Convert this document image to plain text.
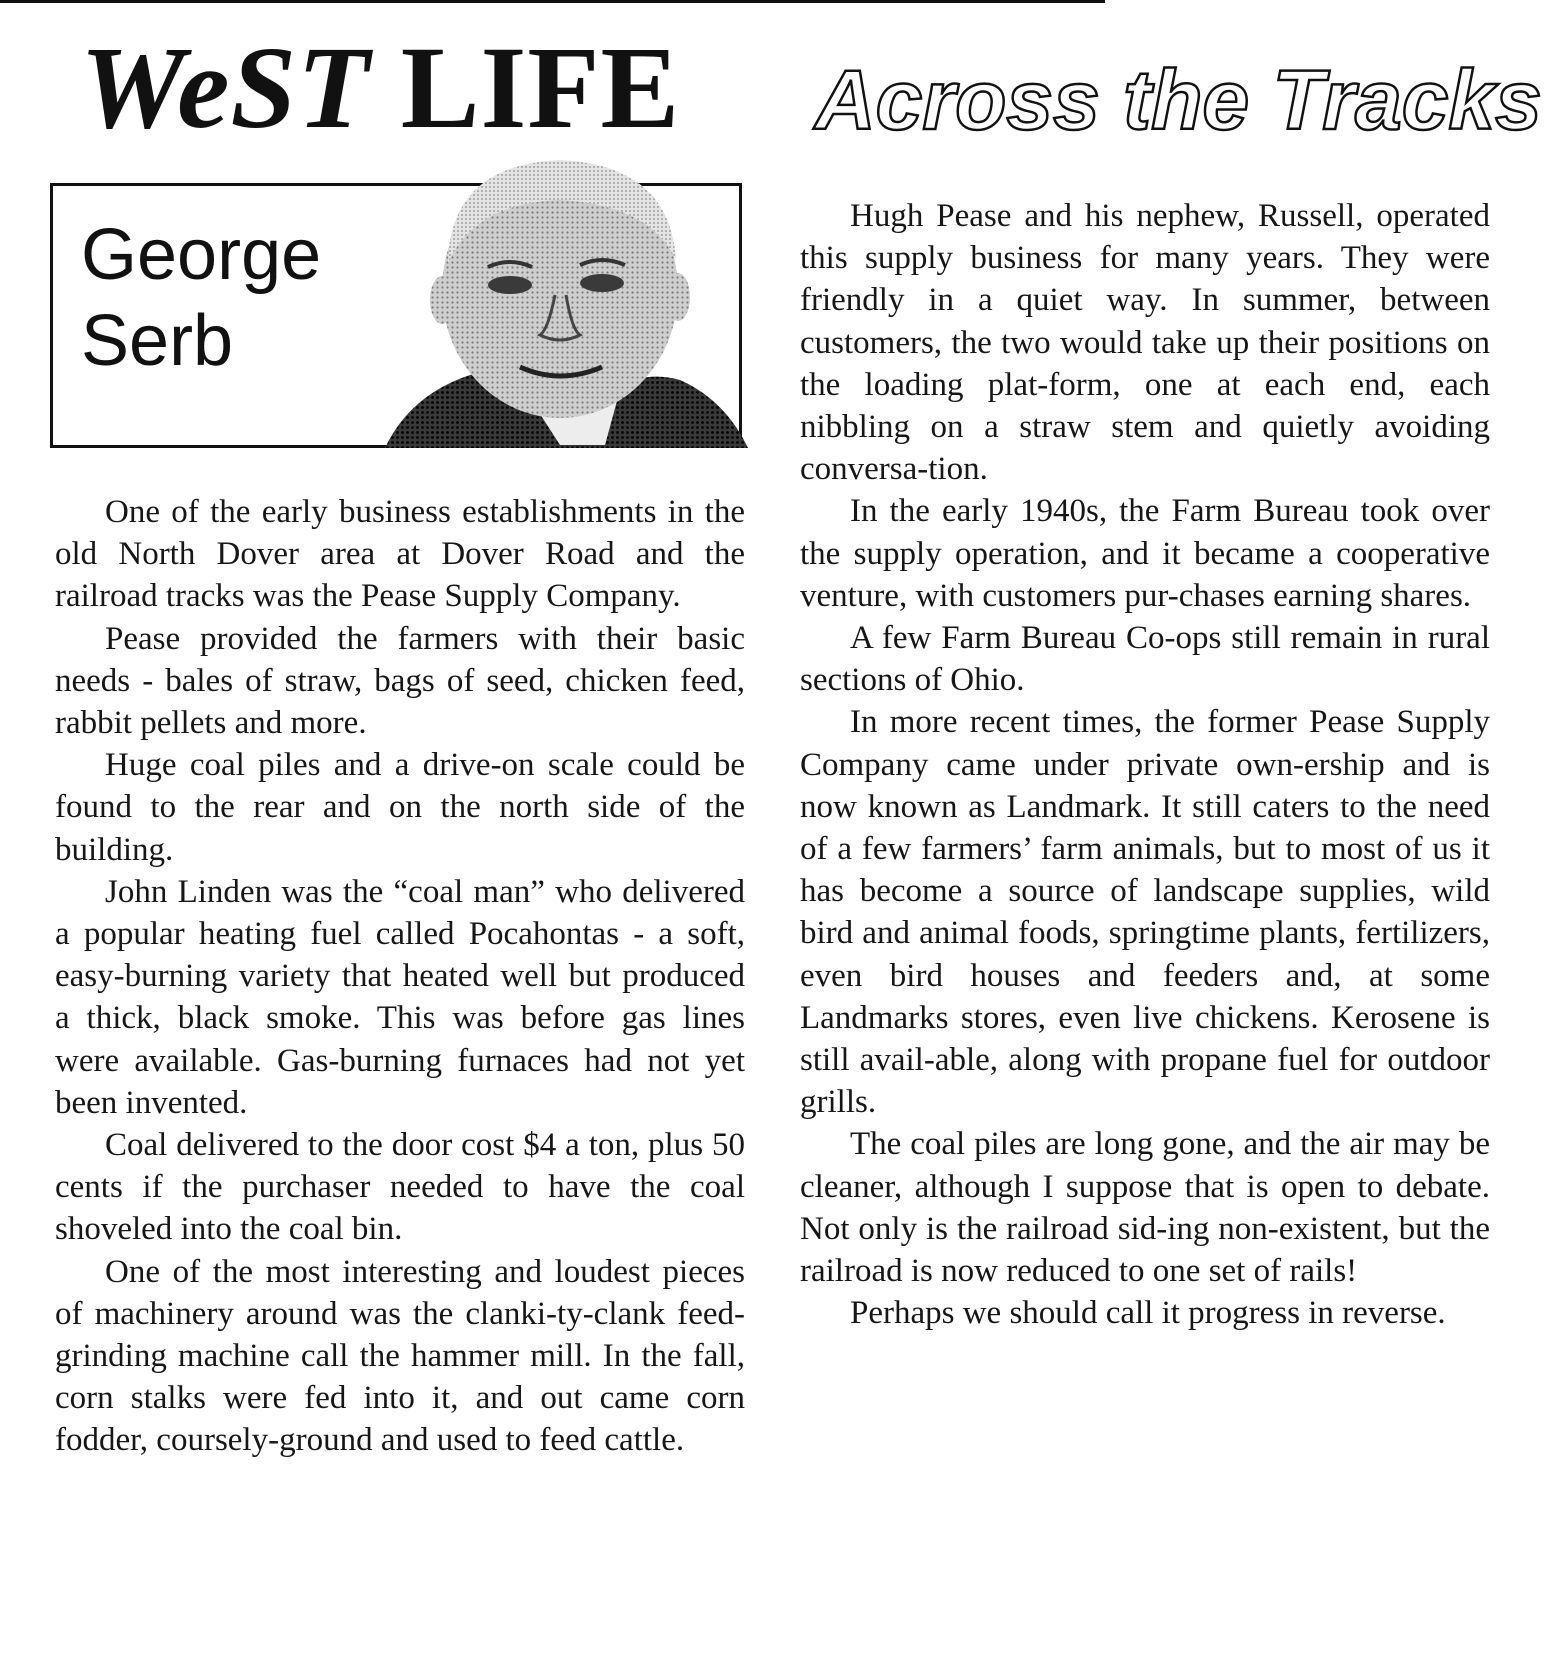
WeST LIFE Across the Tracks
George
Serb

One of the early business establishments in the old North Dover area at Dover Road and the railroad tracks was the Pease Supply Company.

Pease provided the farmers with their basic needs - bales of straw, bags of seed, chicken feed, rabbit pellets and more.

Huge coal piles and a drive-on scale could be found to the rear and on the north side of the building.

John Linden was the “coal man” who delivered a popular heating fuel called Pocahontas - a soft, easy-burning variety that heated well but produced a thick, black smoke. This was before gas lines were available. Gas-burning furnaces had not yet been invented.

Coal delivered to the door cost $4 a ton, plus 50 cents if the purchaser needed to have the coal shoveled into the coal bin.

One of the most interesting and loudest pieces of machinery around was the clanki-ty-clank feed-grinding machine call the hammer mill. In the fall, corn stalks were fed into it, and out came corn fodder, coursely-ground and used to feed cattle.

Hugh Pease and his nephew, Russell, operated this supply business for many years. They were friendly in a quiet way. In summer, between customers, the two would take up their positions on the loading plat-form, one at each end, each nibbling on a straw stem and quietly avoiding conversa-tion.

In the early 1940s, the Farm Bureau took over the supply operation, and it became a cooperative venture, with customers pur-chases earning shares.

A few Farm Bureau Co-ops still remain in rural sections of Ohio.

In more recent times, the former Pease Supply Company came under private own-ership and is now known as Landmark. It still caters to the need of a few farmers’ farm animals, but to most of us it has become a source of landscape supplies, wild bird and animal foods, springtime plants, fertilizers, even bird houses and feeders and, at some Landmarks stores, even live chickens. Kerosene is still avail-able, along with propane fuel for outdoor grills.

The coal piles are long gone, and the air may be cleaner, although I suppose that is open to debate. Not only is the railroad sid-ing non-existent, but the railroad is now reduced to one set of rails!

Perhaps we should call it progress in reverse.
